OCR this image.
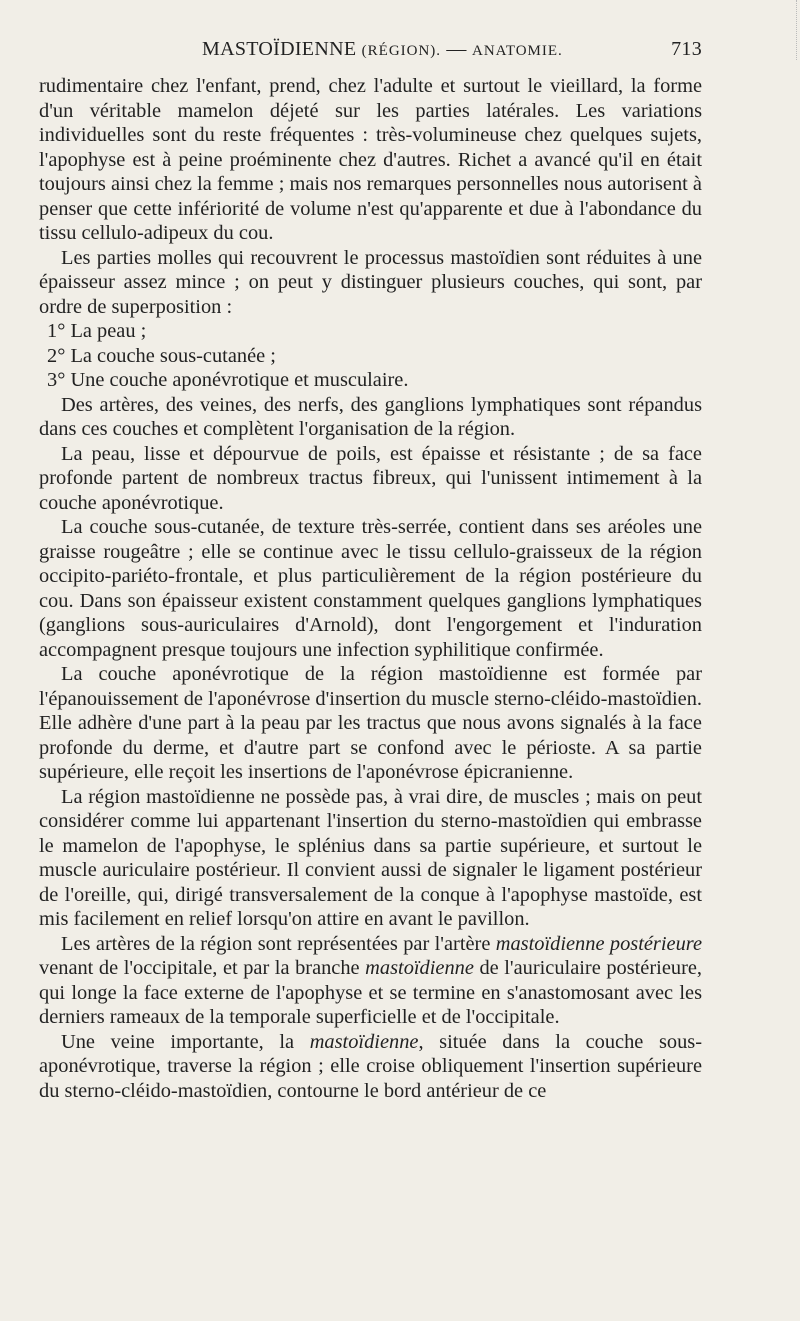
MASTOÏDIENNE (RÉGION). — ANATOMIE.	713

rudimentaire chez l'enfant, prend, chez l'adulte et surtout le vieillard, la forme d'un véritable mamelon déjeté sur les parties latérales. Les variations individuelles sont du reste fréquentes : très-volumineuse chez quelques sujets, l'apophyse est à peine proéminente chez d'autres. Richet a avancé qu'il en était toujours ainsi chez la femme ; mais nos remarques personnelles nous autorisent à penser que cette infériorité de volume n'est qu'apparente et due à l'abondance du tissu cellulo-adipeux du cou.

Les parties molles qui recouvrent le processus mastoïdien sont réduites à une épaisseur assez mince ; on peut y distinguer plusieurs couches, qui sont, par ordre de superposition :

1° La peau ;

2° La couche sous-cutanée ;

3° Une couche aponévrotique et musculaire.

Des artères, des veines, des nerfs, des ganglions lymphatiques sont répandus dans ces couches et complètent l'organisation de la région.

La peau, lisse et dépourvue de poils, est épaisse et résistante ; de sa face profonde partent de nombreux tractus fibreux, qui l'unissent intimement à la couche aponévrotique.

La couche sous-cutanée, de texture très-serrée, contient dans ses aréoles une graisse rougeâtre ; elle se continue avec le tissu cellulo-graisseux de la région occipito-pariéto-frontale, et plus particulièrement de la région postérieure du cou. Dans son épaisseur existent constamment quelques ganglions lymphatiques (ganglions sous-auriculaires d'Arnold), dont l'engorgement et l'induration accompagnent presque toujours une infection syphilitique confirmée.

La couche aponévrotique de la région mastoïdienne est formée par l'épanouissement de l'aponévrose d'insertion du muscle sterno-cléido-mastoïdien. Elle adhère d'une part à la peau par les tractus que nous avons signalés à la face profonde du derme, et d'autre part se confond avec le périoste. A sa partie supérieure, elle reçoit les insertions de l'aponévrose épicranienne.

La région mastoïdienne ne possède pas, à vrai dire, de muscles ; mais on peut considérer comme lui appartenant l'insertion du sterno-mastoïdien qui embrasse le mamelon de l'apophyse, le splénius dans sa partie supérieure, et surtout le muscle auriculaire postérieur. Il convient aussi de signaler le ligament postérieur de l'oreille, qui, dirigé transversalement de la conque à l'apophyse mastoïde, est mis facilement en relief lorsqu'on attire en avant le pavillon.

Les artères de la région sont représentées par l'artère mastoïdienne postérieure venant de l'occipitale, et par la branche mastoïdienne de l'auriculaire postérieure, qui longe la face externe de l'apophyse et se termine en s'anastomosant avec les derniers rameaux de la temporale superficielle et de l'occipitale.

Une veine importante, la mastoïdienne, située dans la couche sous-aponévrotique, traverse la région ; elle croise obliquement l'insertion supérieure du sterno-cléido-mastoïdien, contourne le bord antérieur de ce
